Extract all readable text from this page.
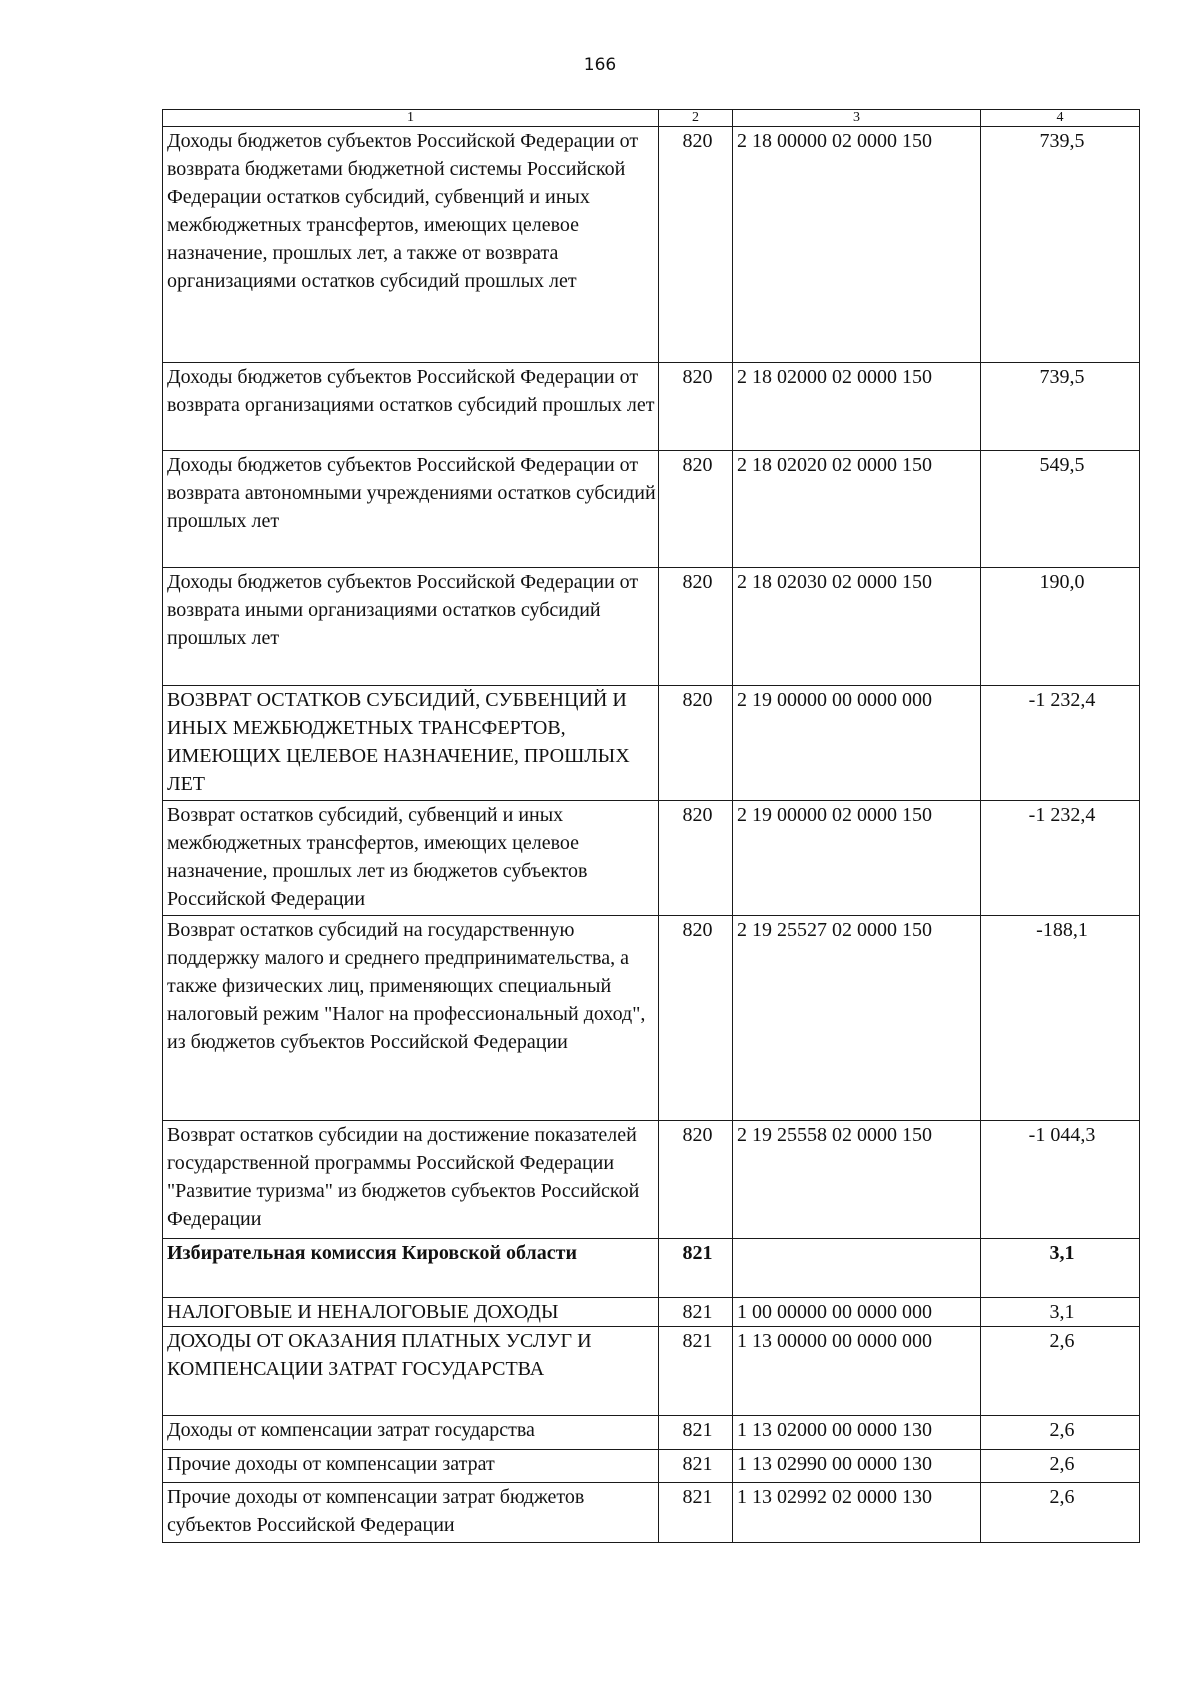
166
1	2	3	4
Доходы бюджетов субъектов Российской Федерации от возврата бюджетами бюджетной системы Российской Федерации остатков субсидий, субвенций и иных межбюджетных трансфертов, имеющих целевое назначение, прошлых лет, а также от возврата организациями остатков субсидий прошлых лет	820	2 18 00000 02 0000 150	739,5
Доходы бюджетов субъектов Российской Федерации от возврата организациями остатков субсидий прошлых лет	820	2 18 02000 02 0000 150	739,5
Доходы бюджетов субъектов Российской Федерации от возврата автономными учреждениями остатков субсидий прошлых лет	820	2 18 02020 02 0000 150	549,5
Доходы бюджетов субъектов Российской Федерации от возврата иными организациями остатков субсидий прошлых лет	820	2 18 02030 02 0000 150	190,0
ВОЗВРАТ ОСТАТКОВ СУБСИДИЙ, СУБВЕНЦИЙ И ИНЫХ МЕЖБЮДЖЕТНЫХ ТРАНСФЕРТОВ, ИМЕЮЩИХ ЦЕЛЕВОЕ НАЗНАЧЕНИЕ, ПРОШЛЫХ ЛЕТ	820	2 19 00000 00 0000 000	-1 232,4
Возврат остатков субсидий, субвенций и иных межбюджетных трансфертов, имеющих целевое назначение, прошлых лет из бюджетов субъектов Российской Федерации	820	2 19 00000 02 0000 150	-1 232,4
Возврат остатков субсидий на государственную поддержку малого и среднего предпринимательства, а также физических лиц, применяющих специальный налоговый режим "Налог на профессиональный доход", из бюджетов субъектов Российской Федерации	820	2 19 25527 02 0000 150	-188,1
Возврат остатков субсидии на достижение показателей государственной программы Российской Федерации "Развитие туризма" из бюджетов субъектов Российской Федерации	820	2 19 25558 02 0000 150	-1 044,3
Избирательная комиссия Кировской области	821		3,1
НАЛОГОВЫЕ И НЕНАЛОГОВЫЕ ДОХОДЫ	821	1 00 00000 00 0000 000	3,1
ДОХОДЫ ОТ ОКАЗАНИЯ ПЛАТНЫХ УСЛУГ И КОМПЕНСАЦИИ ЗАТРАТ ГОСУДАРСТВА	821	1 13 00000 00 0000 000	2,6
Доходы от компенсации затрат государства	821	1 13 02000 00 0000 130	2,6
Прочие доходы от компенсации затрат	821	1 13 02990 00 0000 130	2,6
Прочие доходы от компенсации затрат бюджетов субъектов Российской Федерации	821	1 13 02992 02 0000 130	2,6
